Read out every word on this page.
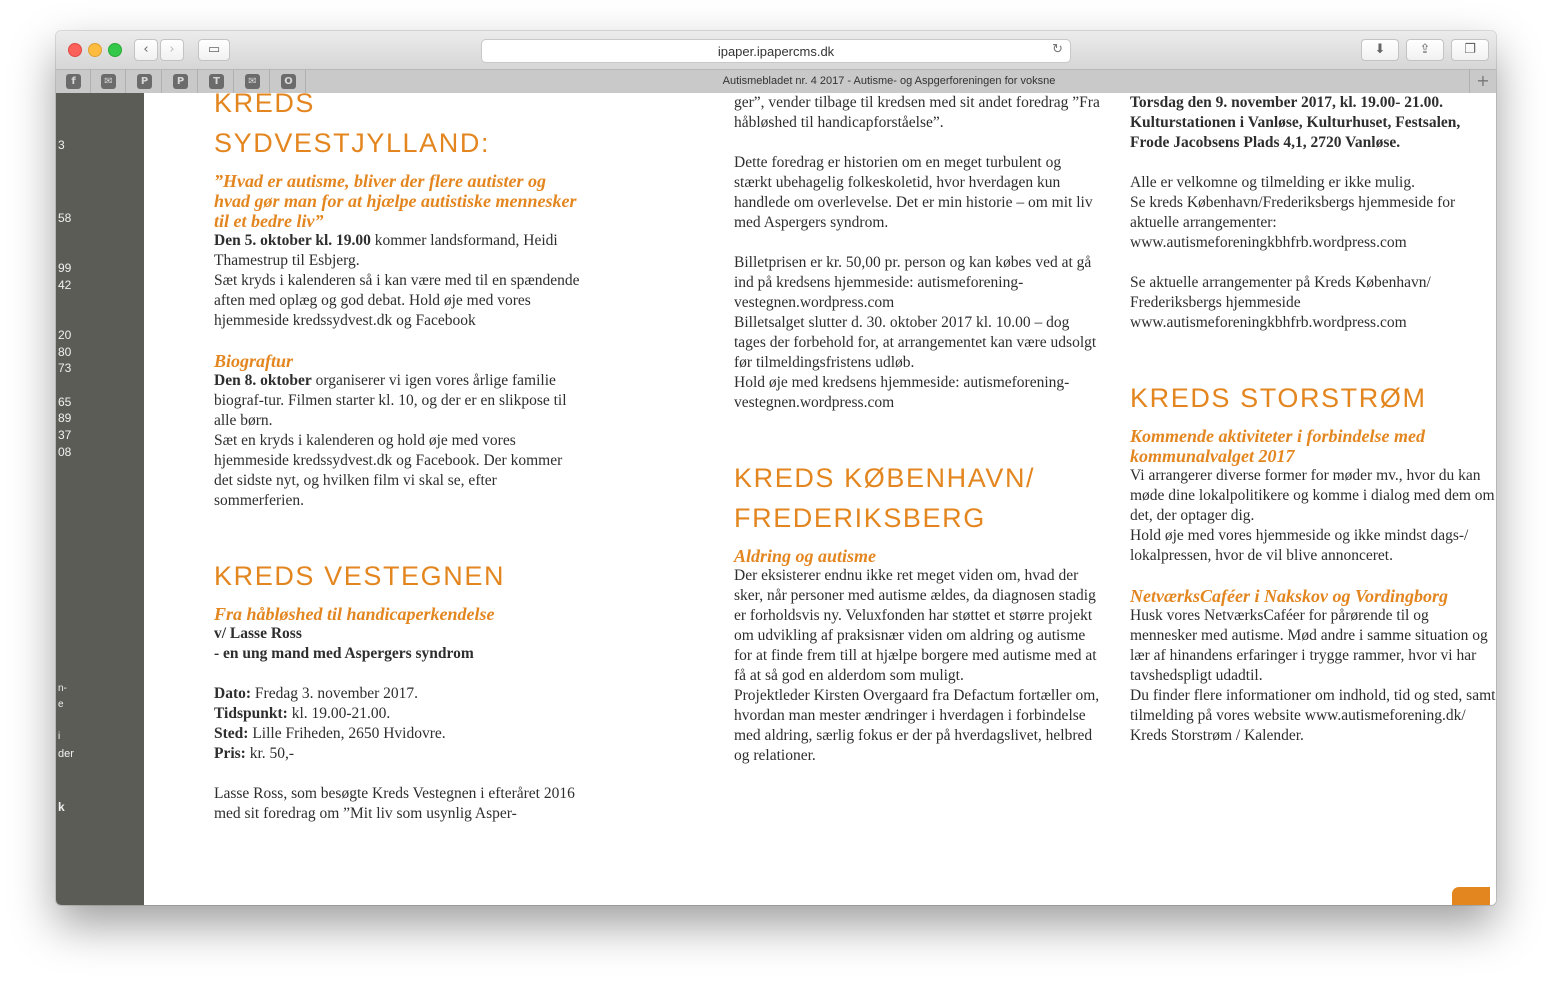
‹	›	▭	ipaper.ipapercms.dk	↻	⬇	⇪	❐
f	✉	P	P	T	✉	O	Autismebladet nr. 4 2017 - Autisme- og Aspgerforeningen for voksne	+
3
58
99
42
20
80
73
65
89
37
08
n-
e
i
der
k
KREDS SYDVESTJYLLAND:

”Hvad er autisme, bliver der flere autister og hvad gør man for at hjælpe autistiske mennesker til et bedre liv”

Den 5. oktober kl. 19.00 kommer landsformand, Heidi Thamestrup til Esbjerg.

Sæt kryds i kalenderen så i kan være med til en spændende aften med oplæg og god debat. Hold øje med vores hjemmeside kredssydvest.dk og Facebook

Biograftur

Den 8. oktober organiserer vi igen vores årlige familie biograf-tur. Filmen starter kl. 10, og der er en slikpose til alle børn.

Sæt en kryds i kalenderen og hold øje med vores hjemmeside kredssydvest.dk og Facebook. Der kommer det sidste nyt, og hvilken film vi skal se, efter sommerferien.

KREDS VESTEGNEN

Fra håbløshed til handicaperkendelse

v/ Lasse Ross

- en ung mand med Aspergers syndrom

Dato: Fredag 3. november 2017.

Tidspunkt: kl. 19.00-21.00.

Sted: Lille Friheden, 2650 Hvidovre.

Pris: kr. 50,-

Lasse Ross, som besøgte Kreds Vestegnen i efteråret 2016 med sit foredrag om ”Mit liv som usynlig Asper-

ger”, vender tilbage til kredsen med sit andet foredrag ”Fra håbløshed til handicapforståelse”.

Dette foredrag er historien om en meget turbulent og stærkt ubehagelig folkeskoletid, hvor hverdagen kun handlede om overlevelse. Det er min historie – om mit liv med Aspergers syndrom.

Billetprisen er kr. 50,00 pr. person og kan købes ved at gå ind på kredsens hjemmeside: autismeforening-vestegnen.wordpress.com

Billetsalget slutter d. 30. oktober 2017 kl. 10.00 – dog tages der forbehold for, at arrangementet kan være udsolgt før tilmeldingsfristens udløb.

Hold øje med kredsens hjemmeside: autismeforening-vestegnen.wordpress.com

KREDS KØBENHAVN/
FREDERIKSBERG

Aldring og autisme

Der eksisterer endnu ikke ret meget viden om, hvad der sker, når personer med autisme ældes, da diagnosen stadig er forholdsvis ny. Veluxfonden har støttet et større projekt om udvikling af praksisnær viden om aldring og autisme for at finde frem till at hjælpe borgere med autisme med at få at så god en alderdom som muligt.

Projektleder Kirsten Overgaard fra Defactum fortæller om, hvordan man mester ændringer i hverdagen i forbindelse med aldring, særlig fokus er der på hverdagslivet, helbred og relationer.

Torsdag den 9. november 2017, kl. 19.00- 21.00. Kulturstationen i Vanløse, Kulturhuset, Festsalen, Frode Jacobsens Plads 4,1, 2720 Vanløse.

Alle er velkomne og tilmelding er ikke mulig.

Se kreds København/Frederiksbergs hjemmeside for aktuelle arrangementer: www.autismeforeningkbhfrb.wordpress.com

Se aktuelle arrangementer på Kreds København/ Frederiksbergs hjemmeside www.autismeforeningkbhfrb.wordpress.com

KREDS STORSTRØM

Kommende aktiviteter i forbindelse med kommunalvalget 2017

Vi arrangerer diverse former for møder mv., hvor du kan møde dine lokalpolitikere og komme i dialog med dem om det, der optager dig.

Hold øje med vores hjemmeside og ikke mindst dags-/ lokalpressen, hvor de vil blive annonceret.

NetværksCaféer i Nakskov og Vordingborg

Husk vores NetværksCaféer for pårørende til og mennesker med autisme. Mød andre i samme situation og lær af hinandens erfaringer i trygge rammer, hvor vi har tavshedspligt udadtil.

Du finder flere informationer om indhold, tid og sted, samt tilmelding på vores website www.autismeforening.dk/ Kreds Storstrøm / Kalender.
